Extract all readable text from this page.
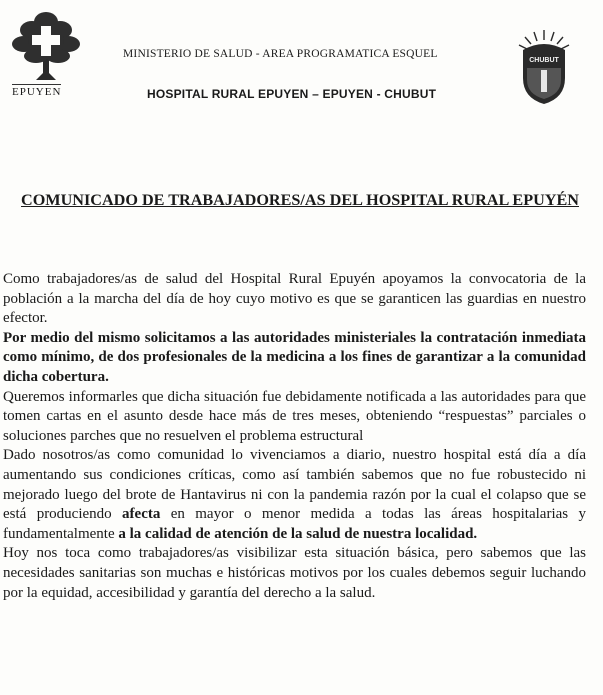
EPUYEN
MINISTERIO DE SALUD - AREA PROGRAMATICA ESQUEL
HOSPITAL RURAL EPUYEN – EPUYEN - CHUBUT
CHUBUT
COMUNICADO DE TRABAJADORES/AS DEL HOSPITAL RURAL EPUYÉN

Como trabajadores/as de salud del Hospital Rural Epuyén apoyamos la convocatoria de la población a la marcha del día de hoy cuyo motivo es que se garanticen las guardias en nuestro efector.

Por medio del mismo solicitamos a las autoridades ministeriales la contratación inmediata como mínimo, de dos profesionales de la medicina a los fines de garantizar a la comunidad dicha cobertura.

Queremos informarles que dicha situación fue debidamente notificada a las autoridades para que tomen cartas en el asunto desde hace más de tres meses, obteniendo “respuestas” parciales o soluciones parches que no resuelven el problema estructural

Dado nosotros/as como comunidad lo vivenciamos a diario, nuestro hospital está día a día aumentando sus condiciones críticas, como así también sabemos que no fue robustecido ni mejorado luego del brote de Hantavirus ni con la pandemia razón por la cual el colapso que se está produciendo afecta en mayor o menor medida a todas las áreas hospitalarias y fundamentalmente a la calidad de atención de la salud de nuestra localidad.

Hoy nos toca como trabajadores/as visibilizar esta situación básica, pero sabemos que las necesidades sanitarias son muchas e históricas motivos por los cuales debemos seguir luchando por la equidad, accesibilidad y garantía del derecho a la salud.
